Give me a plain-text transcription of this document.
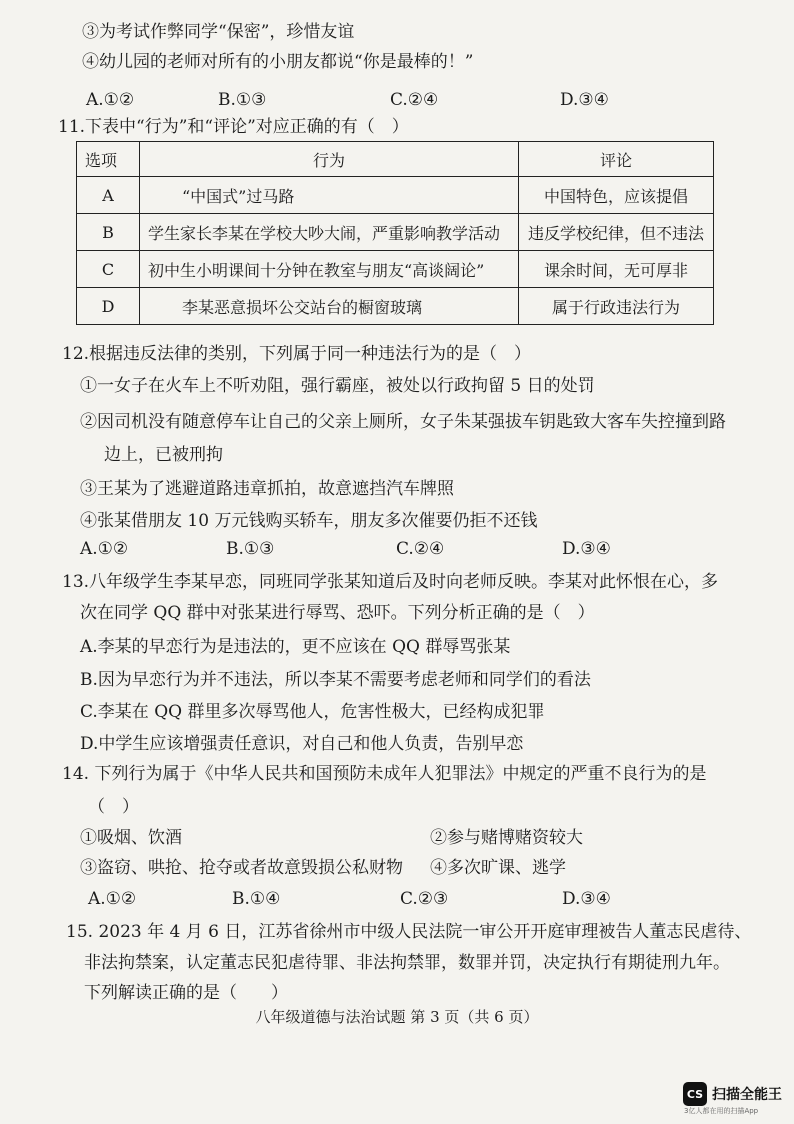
③为考试作弊同学“保密”，珍惜友谊
④幼儿园的老师对所有的小朋友都说“你是最棒的！”
A.①②	B.①③	C.②④	D.③④
11.下表中“行为”和“评论”对应正确的有（　）
选项	行为	评论
A	“中国式”过马路	中国特色，应该提倡
B	学生家长李某在学校大吵大闹，严重影响教学活动	违反学校纪律，但不违法
C	初中生小明课间十分钟在教室与朋友“高谈阔论”	课余时间，无可厚非
D	李某恶意损坏公交站台的橱窗玻璃	属于行政违法行为
12.根据违反法律的类别，下列属于同一种违法行为的是（　）
①一女子在火车上不听劝阻，强行霸座，被处以行政拘留 5 日的处罚
②因司机没有随意停车让自己的父亲上厕所，女子朱某强拔车钥匙致大客车失控撞到路
边上，已被刑拘
③王某为了逃避道路违章抓拍，故意遮挡汽车牌照
④张某借朋友 10 万元钱购买轿车，朋友多次催要仍拒不还钱
A.①②	B.①③	C.②④	D.③④
13.八年级学生李某早恋，同班同学张某知道后及时向老师反映。李某对此怀恨在心，多
次在同学 QQ 群中对张某进行辱骂、恐吓。下列分析正确的是（　）
A.李某的早恋行为是违法的，更不应该在 QQ 群辱骂张某
B.因为早恋行为并不违法，所以李某不需要考虑老师和同学们的看法
C.李某在 QQ 群里多次辱骂他人，危害性极大，已经构成犯罪
D.中学生应该增强责任意识，对自己和他人负责，告别早恋
14. 下列行为属于《中华人民共和国预防未成年人犯罪法》中规定的严重不良行为的是
（　）
①吸烟、饮酒	②参与赌博赌资较大
③盗窃、哄抢、抢夺或者故意毁损公私财物 ④多次旷课、逃学
A.①②	B.①④	C.②③	D.③④
15. 2023 年 4 月 6 日，江苏省徐州市中级人民法院一审公开开庭审理被告人董志民虐待、
非法拘禁案，认定董志民犯虐待罪、非法拘禁罪，数罪并罚，决定执行有期徒刑九年。
下列解读正确的是（　　）
八年级道德与法治试题 第 3 页（共 6 页）
CS 扫描全能王
3亿人都在用的扫描App
